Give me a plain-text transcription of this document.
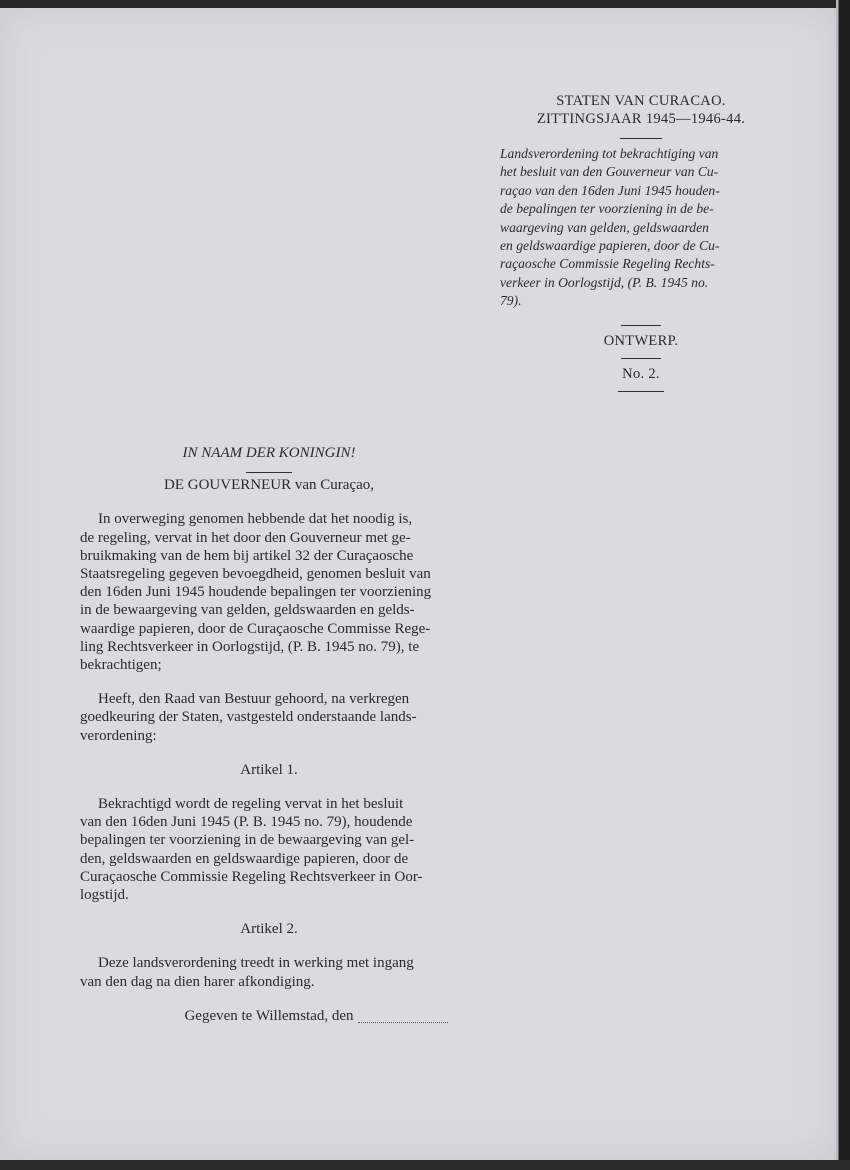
STATEN VAN CURACAO.
ZITTINGSJAAR 1945—1946-44.
Landsverordening tot bekrachtiging van
het besluit van den Gouverneur van Cu-
raçao van den 16den Juni 1945 houden-
de bepalingen ter voorziening in de be-
waargeving van gelden, geldswaarden
en geldswaardige papieren, door de Cu-
raçaosche Commissie Regeling Rechts-
verkeer in Oorlogstijd, (P. B. 1945 no.
79).
ONTWERP.
No. 2.
IN NAAM DER KONINGIN!
DE GOUVERNEUR van Curaçao,
In overweging genomen hebbende dat het noodig is,
de regeling, vervat in het door den Gouverneur met ge-
bruikmaking van de hem bij artikel 32 der Curaçaosche
Staatsregeling gegeven bevoegdheid, genomen besluit van
den 16den Juni 1945 houdende bepalingen ter voorziening
in de bewaargeving van gelden, geldswaarden en gelds-
waardige papieren, door de Curaçaosche Commisse Rege-
ling Rechtsverkeer in Oorlogstijd, (P. B. 1945 no. 79), te
bekrachtigen;
Heeft, den Raad van Bestuur gehoord, na verkregen
goedkeuring der Staten, vastgesteld onderstaande lands-
verordening:
Artikel 1.
Bekrachtigd wordt de regeling vervat in het besluit
van den 16den Juni 1945 (P. B. 1945 no. 79), houdende
bepalingen ter voorziening in de bewaargeving van gel-
den, geldswaarden en geldswaardige papieren, door de
Curaçaosche Commissie Regeling Rechtsverkeer in Oor-
logstijd.
Artikel 2.
Deze landsverordening treedt in werking met ingang
van den dag na dien harer afkondiging.
Gegeven te Willemstad, den
